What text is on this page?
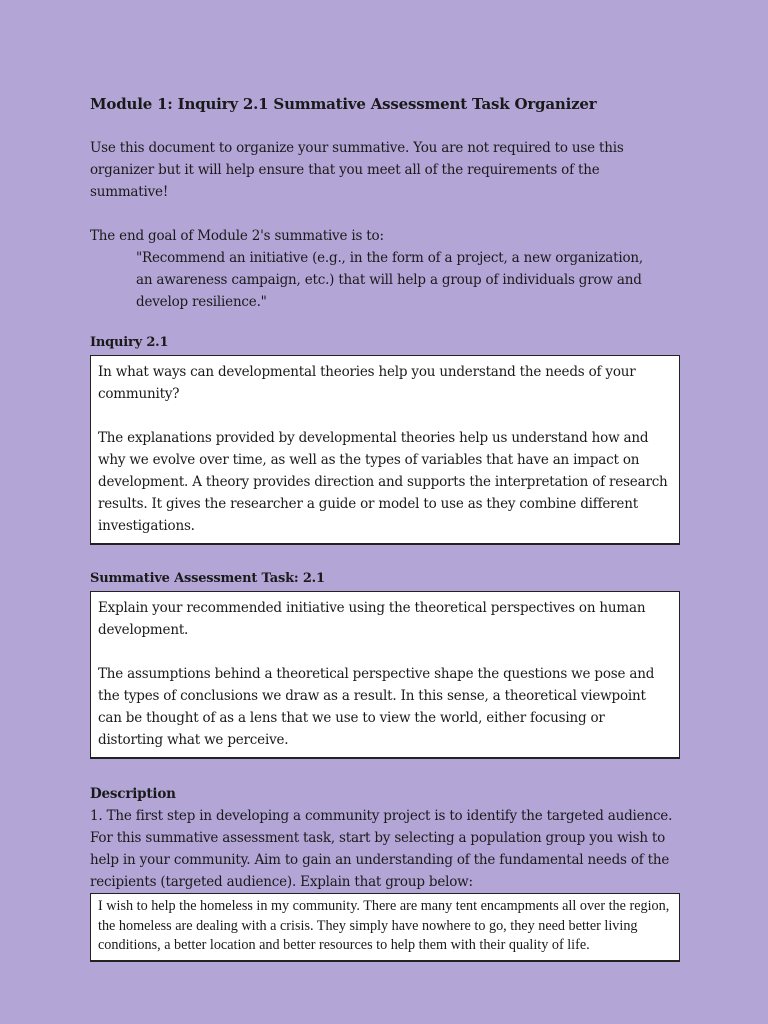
Module 1: Inquiry 2.1 Summative Assessment Task Organizer

Use this document to organize your summative. You are not required to use this organizer but it will help ensure that you meet all of the requirements of the summative!

The end goal of Module 2's summative is to:

"Recommend an initiative (e.g., in the form of a project, a new organization, an awareness campaign, etc.) that will help a group of individuals grow and develop resilience."

Inquiry 2.1

In what ways can developmental theories help you understand the needs of your community?

The explanations provided by developmental theories help us understand how and why we evolve over time, as well as the types of variables that have an impact on development. A theory provides direction and supports the interpretation of research results. It gives the researcher a guide or model to use as they combine different investigations.

Summative Assessment Task: 2.1

Explain your recommended initiative using the theoretical perspectives on human development.

The assumptions behind a theoretical perspective shape the questions we pose and the types of conclusions we draw as a result. In this sense, a theoretical viewpoint can be thought of as a lens that we use to view the world, either focusing or distorting what we perceive.

Description

1. The first step in developing a community project is to identify the targeted audience. For this summative assessment task, start by selecting a population group you wish to help in your community. Aim to gain an understanding of the fundamental needs of the recipients (targeted audience). Explain that group below:

I wish to help the homeless in my community. There are many tent encampments all over the region, the homeless are dealing with a crisis. They simply have nowhere to go, they need better living conditions, a better location and better resources to help them with their quality of life.
